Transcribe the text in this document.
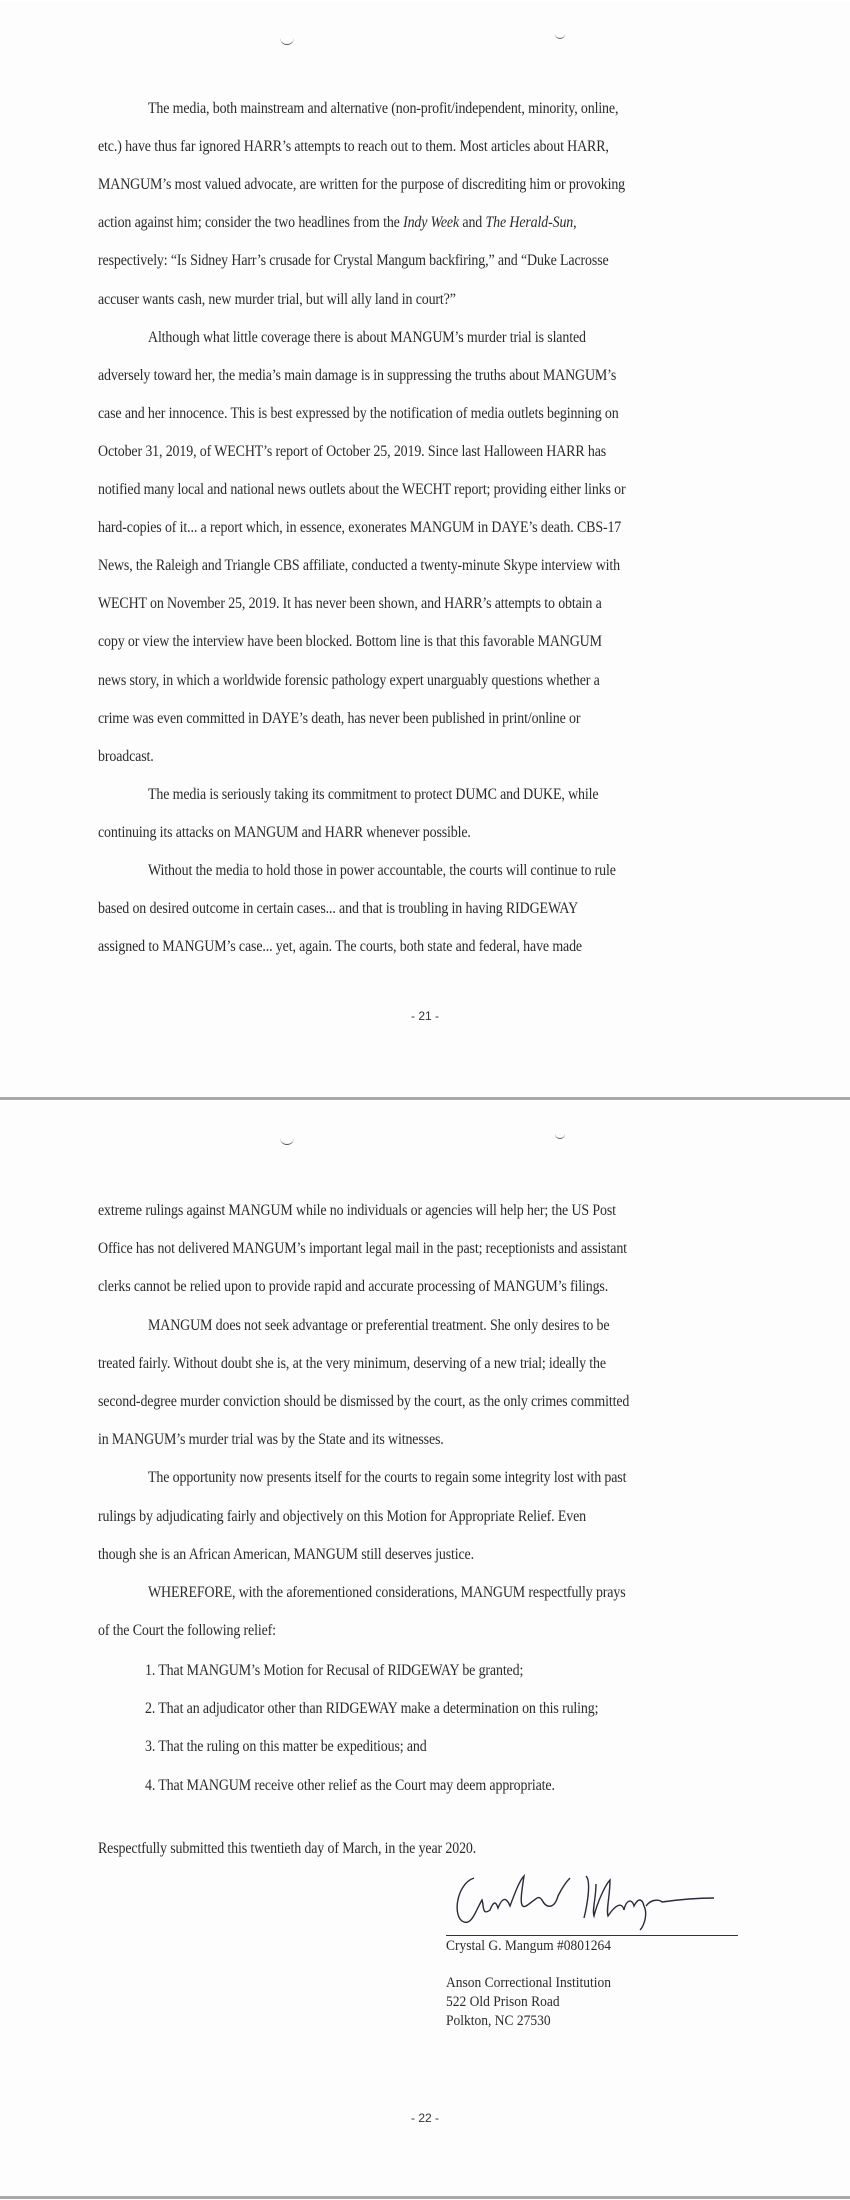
The media, both mainstream and alternative (non-profit/independent, minority, online,
etc.) have thus far ignored HARR’s attempts to reach out to them. Most articles about HARR,
MANGUM’s most valued advocate, are written for the purpose of discrediting him or provoking
action against him; consider the two headlines from the Indy Week and The Herald-Sun,
respectively: “Is Sidney Harr’s crusade for Crystal Mangum backfiring,” and “Duke Lacrosse
accuser wants cash, new murder trial, but will ally land in court?”
Although what little coverage there is about MANGUM’s murder trial is slanted
adversely toward her, the media’s main damage is in suppressing the truths about MANGUM’s
case and her innocence. This is best expressed by the notification of media outlets beginning on
October 31, 2019, of WECHT’s report of October 25, 2019. Since last Halloween HARR has
notified many local and national news outlets about the WECHT report; providing either links or
hard-copies of it... a report which, in essence, exonerates MANGUM in DAYE’s death. CBS-17
News, the Raleigh and Triangle CBS affiliate, conducted a twenty-minute Skype interview with
WECHT on November 25, 2019. It has never been shown, and HARR’s attempts to obtain a
copy or view the interview have been blocked. Bottom line is that this favorable MANGUM
news story, in which a worldwide forensic pathology expert unarguably questions whether a
crime was even committed in DAYE’s death, has never been published in print/online or
broadcast.
The media is seriously taking its commitment to protect DUMC and DUKE, while
continuing its attacks on MANGUM and HARR whenever possible.
Without the media to hold those in power accountable, the courts will continue to rule
based on desired outcome in certain cases... and that is troubling in having RIDGEWAY
assigned to MANGUM’s case... yet, again. The courts, both state and federal, have made
- 21 -
extreme rulings against MANGUM while no individuals or agencies will help her; the US Post
Office has not delivered MANGUM’s important legal mail in the past; receptionists and assistant
clerks cannot be relied upon to provide rapid and accurate processing of MANGUM’s filings.
MANGUM does not seek advantage or preferential treatment. She only desires to be
treated fairly. Without doubt she is, at the very minimum, deserving of a new trial; ideally the
second-degree murder conviction should be dismissed by the court, as the only crimes committed
in MANGUM’s murder trial was by the State and its witnesses.
The opportunity now presents itself for the courts to regain some integrity lost with past
rulings by adjudicating fairly and objectively on this Motion for Appropriate Relief. Even
though she is an African American, MANGUM still deserves justice.
WHEREFORE, with the aforementioned considerations, MANGUM respectfully prays
of the Court the following relief:
1. That MANGUM’s Motion for Recusal of RIDGEWAY be granted;
2. That an adjudicator other than RIDGEWAY make a determination on this ruling;
3. That the ruling on this matter be expeditious; and
4. That MANGUM receive other relief as the Court may deem appropriate.
Respectfully submitted this twentieth day of March, in the year 2020.
Crystal G. Mangum #0801264
Anson Correctional Institution
522 Old Prison Road
Polkton, NC 27530
- 22 -
